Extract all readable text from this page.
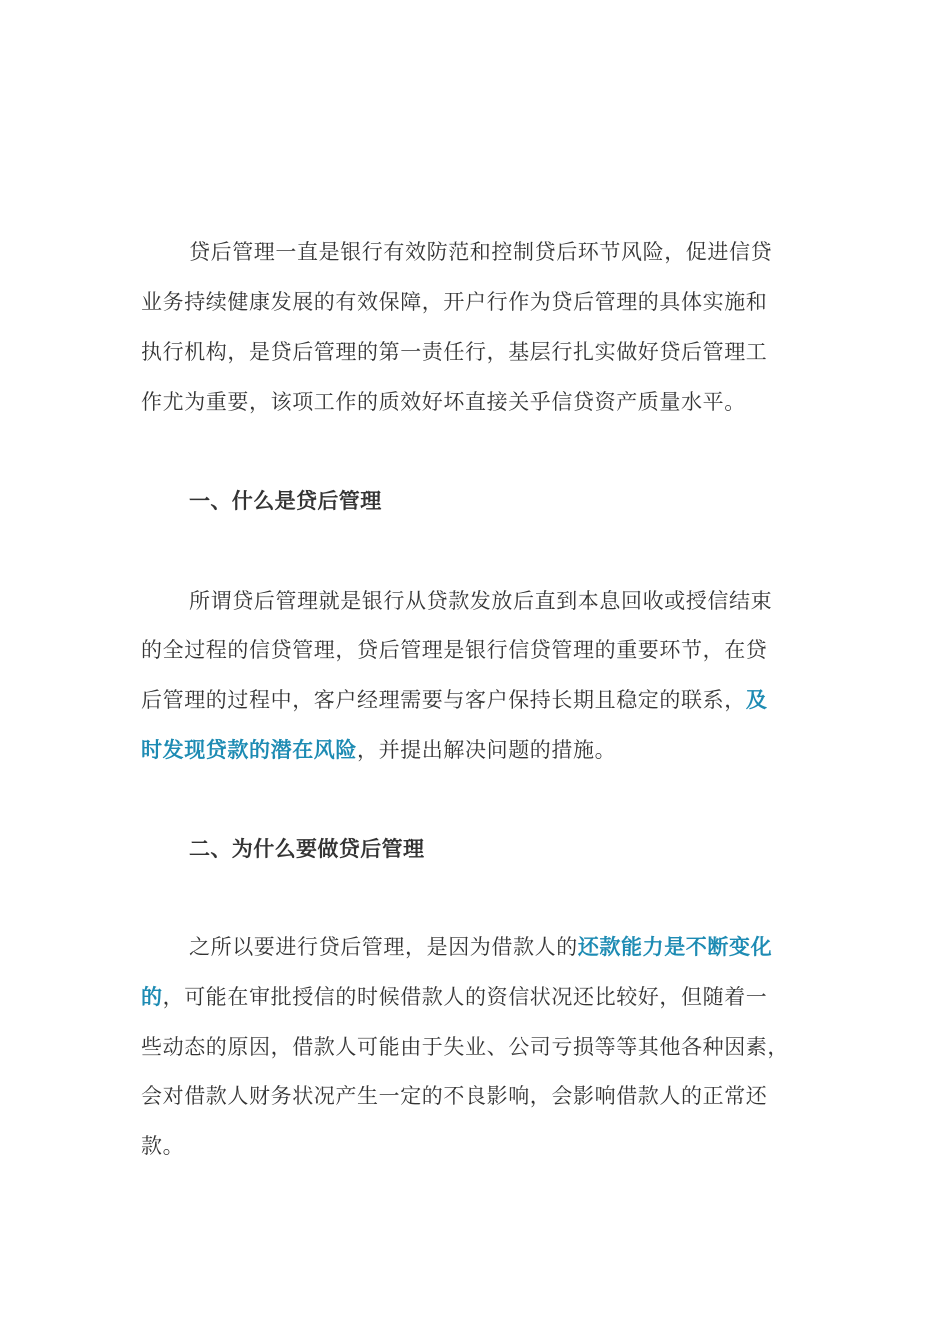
贷后管理一直是银行有效防范和控制贷后环节风险，促进信贷
业务持续健康发展的有效保障，开户行作为贷后管理的具体实施和
执行机构，是贷后管理的第一责任行，基层行扎实做好贷后管理工
作尤为重要，该项工作的质效好坏直接关乎信贷资产质量水平。
一、什么是贷后管理
所谓贷后管理就是银行从贷款发放后直到本息回收或授信结束
的全过程的信贷管理，贷后管理是银行信贷管理的重要环节，在贷
后管理的过程中，客户经理需要与客户保持长期且稳定的联系，及
时发现贷款的潜在风险，并提出解决问题的措施。
二、为什么要做贷后管理
之所以要进行贷后管理，是因为借款人的还款能力是不断变化
的，可能在审批授信的时候借款人的资信状况还比较好，但随着一
些动态的原因，借款人可能由于失业、公司亏损等等其他各种因素，
会对借款人财务状况产生一定的不良影响，会影响借款人的正常还
款。
